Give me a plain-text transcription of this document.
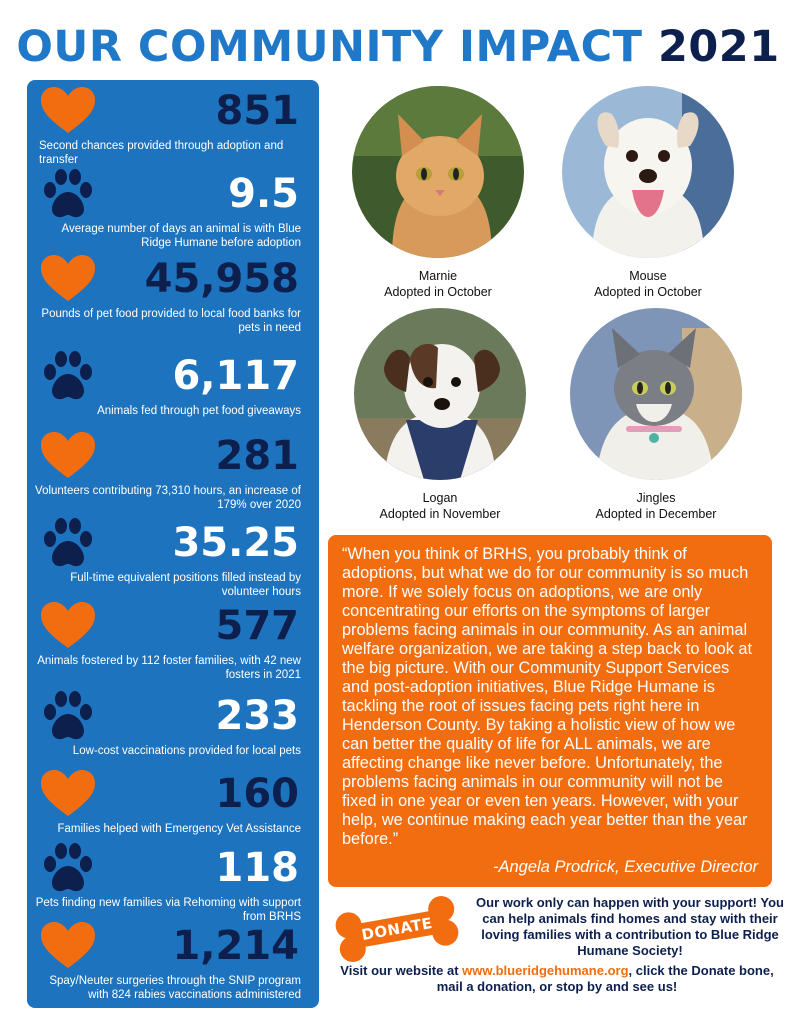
OUR COMMUNITY IMPACT 2021
851
Second chances provided through adoption and transfer
9.5
Average number of days an animal is with Blue Ridge Humane before adoption
45,958
Pounds of pet food provided to local food banks for pets in need
6,117
Animals fed through pet food giveaways
281
Volunteers contributing 73,310 hours, an increase of 179% over 2020
35.25
Full-time equivalent positions filled instead by volunteer hours
577
Animals fostered by 112 foster families, with 42 new fosters in 2021
233
Low-cost vaccinations provided for local pets
160
Families helped with Emergency Vet Assistance
118
Pets finding new families via Rehoming with support from BRHS
1,214
Spay/Neuter surgeries through the SNIP program with 824 rabies vaccinations administered
Marnie
Adopted in October
Mouse
Adopted in October
Logan
Adopted in November
Jingles
Adopted in December
“When you think of BRHS, you probably think of adoptions, but what we do for our community is so much more. If we solely focus on adoptions, we are only concentrating our efforts on the symptoms of larger problems facing animals in our community. As an animal welfare organization, we are taking a step back to look at the big picture. With our Community Support Services and post-adoption initiatives, Blue Ridge Humane is tackling the root of issues facing pets right here in Henderson County. By taking a holistic view of how we can better the quality of life for ALL animals, we are affecting change like never before. Unfortunately, the problems facing animals in our community will not be fixed in one year or even ten years. However, with your help, we continue making each year better than the year before.”
-Angela Prodrick, Executive Director
DONATE
Our work only can happen with your support! You can help animals find homes and stay with their loving families with a contribution to Blue Ridge Humane Society!
Visit our website at www.blueridgehumane.org, click the Donate bone, mail a donation, or stop by and see us!
